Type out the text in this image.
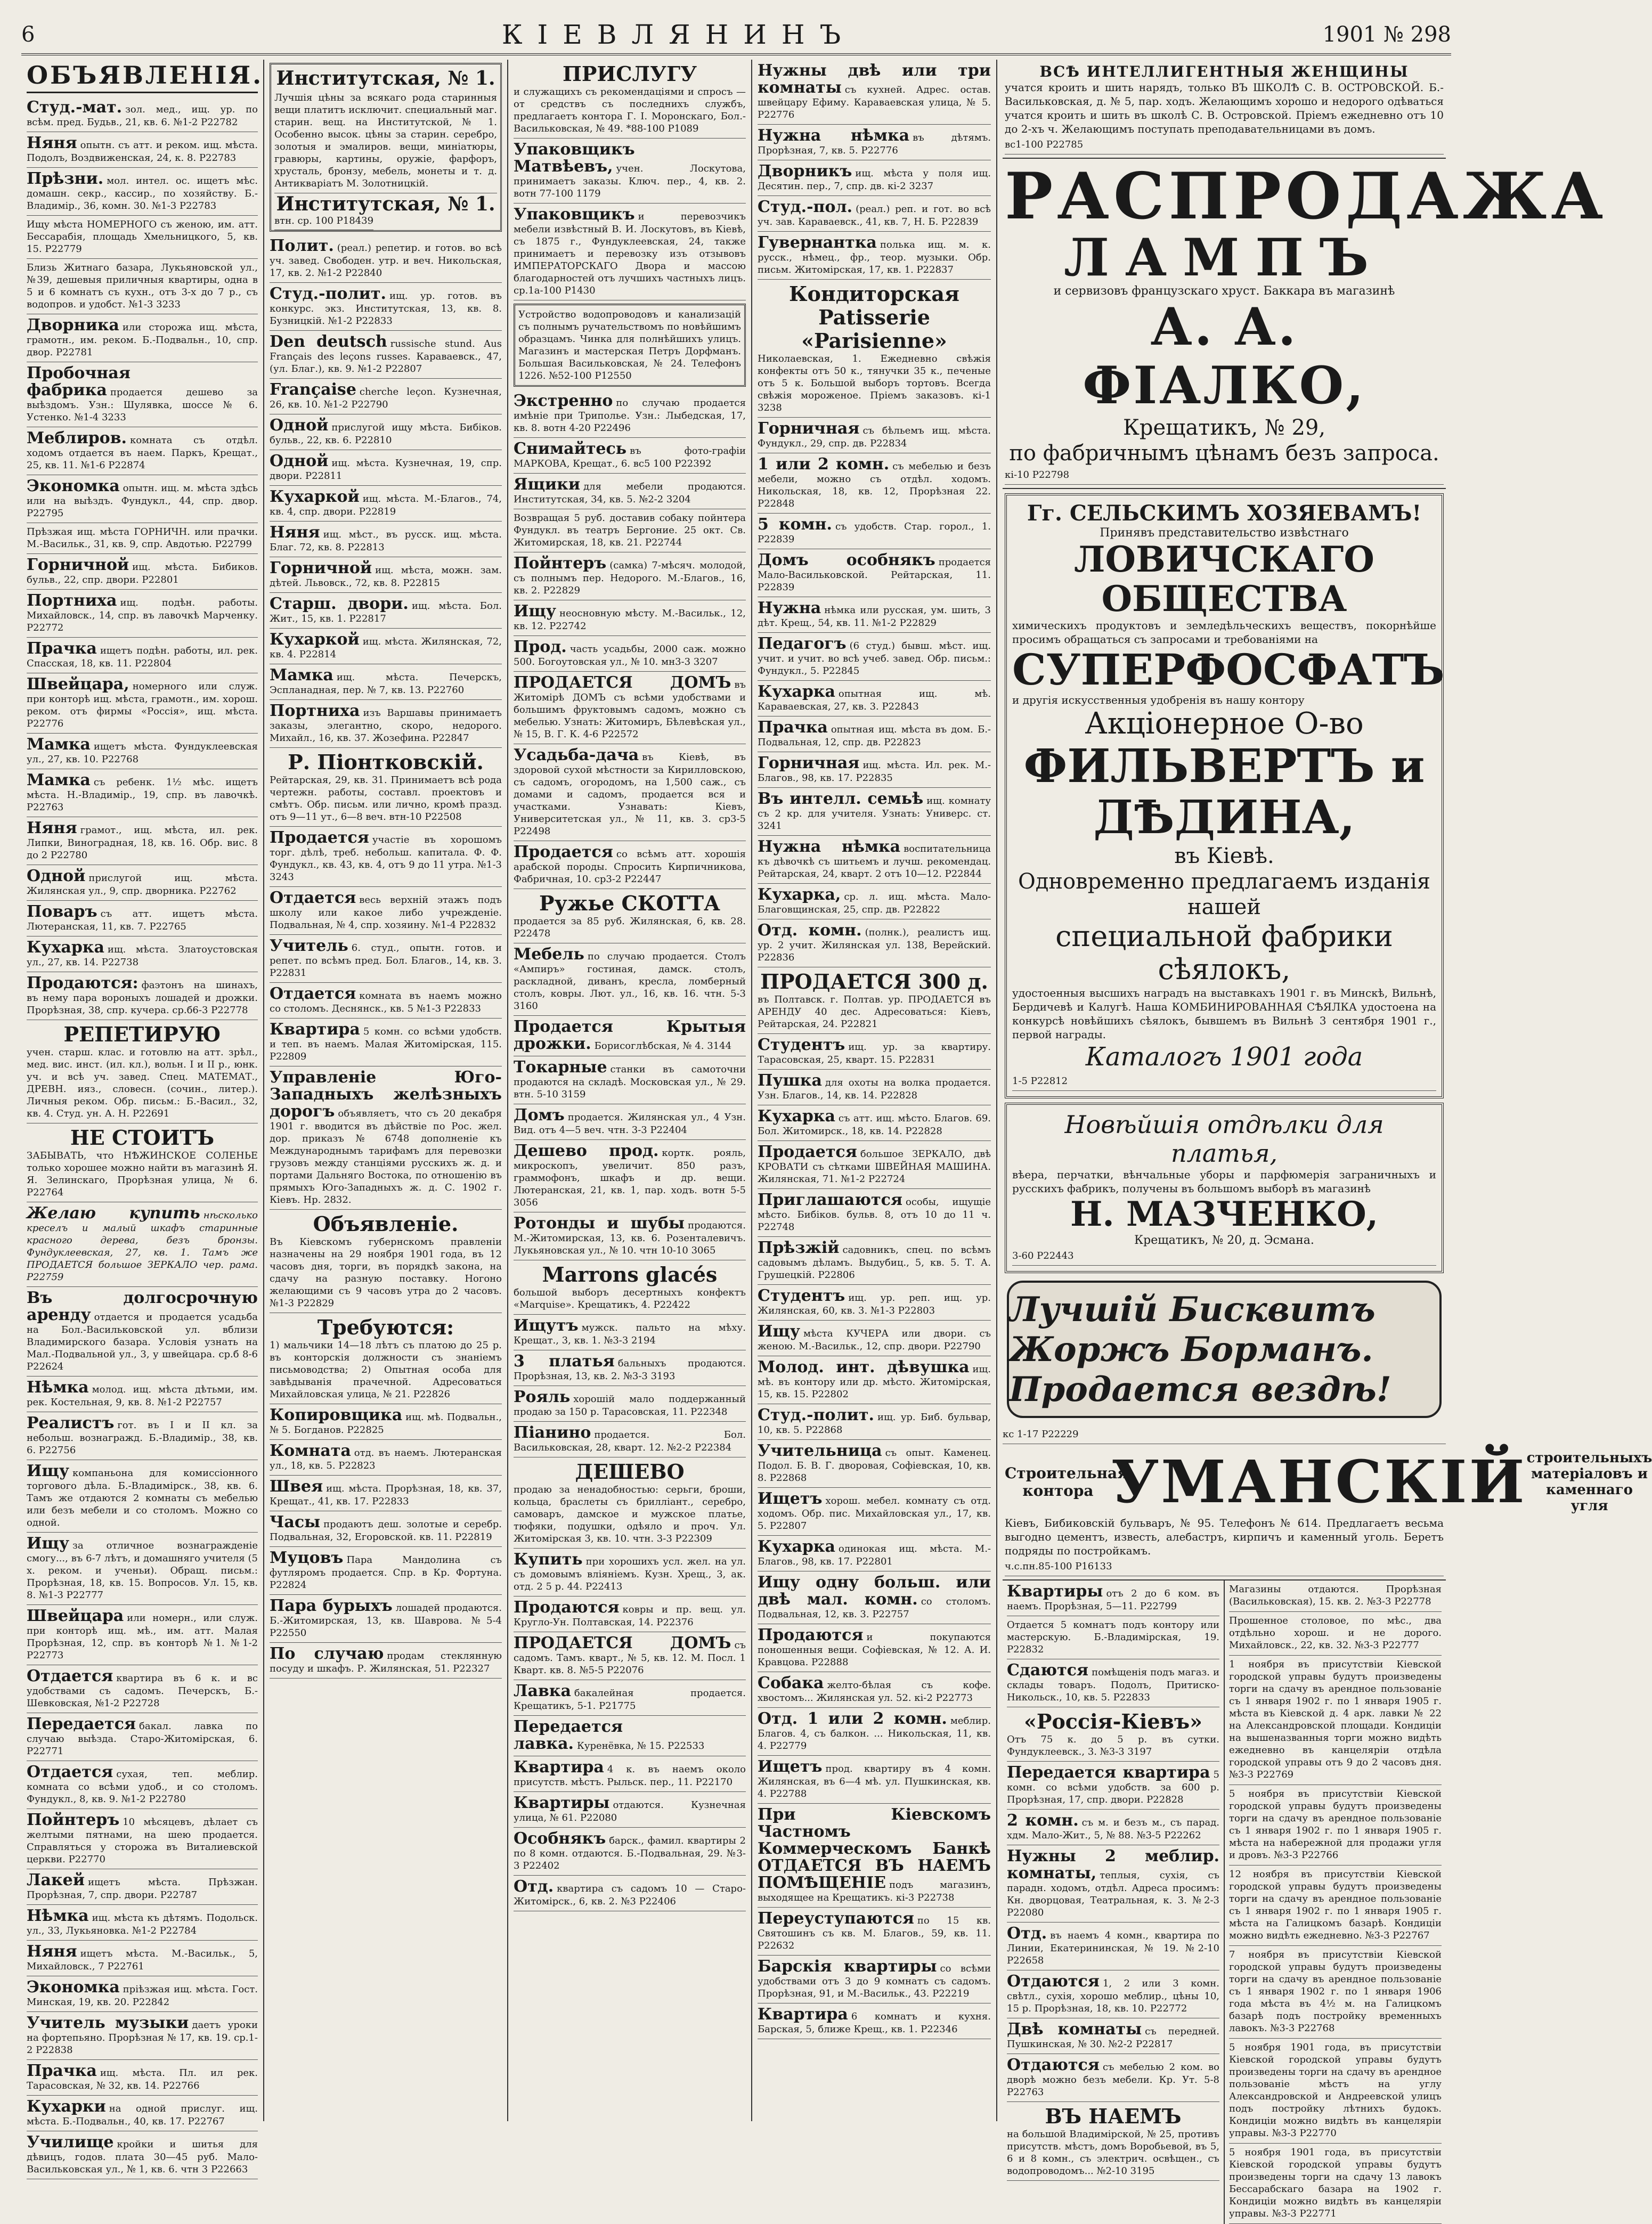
6	КІЕВЛЯНИНЪ	1901 № 298
ОБЪЯВЛЕНІЯ.
Студ.-мат. зол. мед., ищ. ур. по всѣм. пред. Будьв., 21, кв. 6. №1-2 Р22782
Няня опытн. съ атт. и реком. ищ. мѣста. Подолъ, Воздвиженская, 24, к. 8. Р22783
Прѣзни. мол. интел. ос. ищетъ мѣс. домашн. секр., кассир., по хозяйству. Б.-Владимір., 36, комн. 30. №1-3 Р22783
Ищу мѣста НОМЕРНОГО съ женою, им. атт. Бессарабія, площадь Хмельницкого, 5, кв. 15. Р22779
Близь Житнаго базара, Лукьяновской ул., №39, дешевыя приличныя квартиры, одна в 5 и 6 комнатъ съ кухн., отъ 3-х до 7 р., съ водопров. и удобст. №1-3 3233
Дворника или сторожа ищ. мѣста, грамотн., им. реком. Б.-Подвальн., 10, спр. двор. Р22781
Пробочная фабрика продается дешево за выѣздомъ. Узн.: Шулявка, шоссе № 6. Устенко. №1-4 3233
Меблиров. комната съ отдѣл. ходомъ отдается въ наем. Паркъ, Крещат., 25, кв. 11. №1-6 Р22874
Экономка опытн. ищ. м. мѣста здѣсь или на выѣздъ. Фундукл., 44, спр. двор. Р22795
Прѣзжая ищ. мѣста ГОРНИЧН. или прачки. М.-Васильк., 31, кв. 9, спр. Авдотью. Р22799
Горничной ищ. мѣста. Бибиков. бульв., 22, спр. двори. Р22801
Портниха ищ. подѣн. работы. Михайловск., 14, спр. въ лавочкѣ Марченку. Р22772
Прачка ищетъ подѣн. работы, ил. рек. Спасская, 18, кв. 11. Р22804
Швейцара, номерного или служ. при конторѣ ищ. мѣста, грамотн., им. хорош. реком. отъ фирмы «Россія», ищ. мѣста. Р22776
Мамка ищетъ мѣста. Фундуклеевская ул., 27, кв. 10. Р22768
Мамка съ ребенк. 1½ мѣс. ищетъ мѣста. Н.-Владимір., 19, спр. въ лавочкѣ. Р22763
Няня грамот., ищ. мѣста, ил. рек. Липки, Виноградная, 18, кв. 16. Обр. вис. 8 до 2 Р22780
Одной прислугой ищ. мѣста. Жилянская ул., 9, спр. дворника. Р22762
Поваръ съ атт. ищетъ мѣста. Лютеранская, 11, кв. 7. Р22765
Кухарка ищ. мѣста. Златоустовская ул., 27, кв. 14. Р22738
Продаются: фаэтонъ на шинахъ, въ нему пара вороныхъ лошадей и дрожки. Прорѣзная, 38, спр. кучера. ср.б6-3 Р22778
РЕПЕТИРУЮ
учен. старш. клас. и готовлю на атт. зрѣл., мед. вис. инст. (ил. кл.), вольн. I и II р., юнк. уч. и всѣ уч. завед. Спец. МАТЕМАТ., ДРЕВН. ияз., словесн. (сочин., литер.). Личныя реком. Обр. письм.: Б.-Васил., 32, кв. 4. Студ. ун. А. Н. Р22691
НЕ СТОИТЪ
ЗАБЫВАТЬ, что НѢЖИНСКОЕ СОЛЕНЬЕ только хорошее можно найти въ магазинѣ Я. Я. Зелинскаго, Прорѣзная улица, № 6. Р22764
Желаю купить нѣсколько креселъ и малый шкафъ старинные красного дерева, безъ бронзы. Фундуклеевская, 27, кв. 1. Тамъ же ПРОДАЕТСЯ большое ЗЕРКАЛО чер. рама. Р22759
Въ долгосрочную аренду отдается и продается усадьба на Бол.-Васильковской ул. вблизи Владимирского базара. Условія узнать на Мал.-Подвальной ул., 3, у швейцара. ср.б 8-6 Р22624
Нѣмка молод. ищ. мѣста дѣтьми, им. рек. Костельная, 9, кв. 8. №1-2 Р22757
Реалистъ гот. въ I и II кл. за небольш. вознагражд. Б.-Владимір., 38, кв. 6. Р22756
Ищу компаньона для комиссіонного торгового дѣла. Б.-Владимірск., 38, кв. 6. Тамъ же отдаются 2 комнаты съ мебелью или безъ мебели и со столомъ. Можно со одной.
Ищу за отличное вознагражденіе смогу..., въ 6-7 лѣтъ, и домашняго учителя (5 х. реком. и ученьи). Обращ. письм.: Прорѣзная, 18, кв. 15. Вопросов. Ул. 15, кв. 8. №1-3 Р22777
Швейцара или номерн., или служ. при конторѣ ищ. мѣ., им. атт. Малая Прорѣзная, 12, спр. въ конторѣ №1. №1-2 Р22773
Отдается квартира въ 6 к. и вс удобствами съ садомъ. Печерскъ, Б.-Шевковская, №1-2 Р22728
Передается бакал. лавка по случаю выѣзда. Старо-Житомірская, 6. Р22771
Отдается сухая, теп. меблир. комната со всѣми удоб., и со столомъ. Фундукл., 8, кв. 9. №1-2 Р22780
Пойнтеръ 10 мѣсяцевъ, дѣлает съ желтыми пятнами, на шею продается. Справляться у сторожа въ Виталиевской церкви. Р22770
Лакей ищетъ мѣста. Прѣзжан. Прорѣзная, 7, спр. двори. Р22787
Нѣмка ищ. мѣста къ дѣтямъ. Подольск. ул., 33, Лукьяновка. №1-2 Р22784
Няня ищетъ мѣста. М.-Васильк., 5, Михайловск., 7 Р22761
Экономка пріѣзжая ищ. мѣста. Гост. Минская, 19, кв. 20. Р22842
Учитель музыки даетъ уроки на фортепьяно. Прорѣзная № 17, кв. 19. ср.1-2 Р22838
Прачка ищ. мѣста. Пл. ил рек. Тарасовская, № 32, кв. 14. Р22766
Кухарки на одной прислуг. ищ. мѣста. Б.-Подвальн., 40, кв. 17. Р22767
Училище кройки и шитья для дѣвицъ, годов. плата 30—45 руб. Мало-Васильковская ул., № 1, кв. 6. чтн 3 Р22663
Институтская, № 1.
Лучшія цѣны за всякаго рода старинныя вещи платитъ исключит. специальный маг. старин. вещ. на Институтской, № 1. Особенно высок. цѣны за старин. серебро, золотыя и эмалиров. вещи, миніатюры, гравюры, картины, оружіе, фарфоръ, хрусталь, бронзу, мебель, монеты и т. д. Антикваріатъ М. Золотницкій.
Институтская, № 1.
втн. ср. 100 Р18439
Полит. (реал.) репетир. и готов. во всѣ уч. завед. Свободен. утр. и веч. Никольская, 17, кв. 2. №1-2 Р22840
Студ.-полит. ищ. ур. готов. въ конкурс. экз. Институтская, 13, кв. 8. Бузницкій. №1-2 Р22833
Den deutsch russische stund. Aus Français des leçons russes. Караваевск., 47, (ул. Благ.), кв. 9. №1-2 Р22807
Française cherche leçon. Кузнечная, 26, кв. 10. №1-2 Р22790
Одной прислугой ищу мѣста. Бибіков. бульв., 22, кв. 6. Р22810
Одной ищ. мѣста. Кузнечная, 19, спр. двори. Р22811
Кухаркой ищ. мѣста. М.-Благов., 74, кв. 4, спр. двори. Р22819
Няня ищ. мѣст., въ русск. ищ. мѣста. Благ. 72, кв. 8. Р22813
Горничной ищ. мѣста, можн. зам. дѣтей. Львовск., 72, кв. 8. Р22815
Старш. двори. ищ. мѣста. Бол. Жит., 15, кв. 1. Р22817
Кухаркой ищ. мѣста. Жилянская, 72, кв. 4. Р22814
Мамка ищ. мѣста. Печерскъ, Эспланадная, пер. № 7, кв. 13. Р22760
Портниха изъ Варшавы принимаетъ заказы, элегантно, скоро, недорого. Михайл., 16, кв. 37. Жозефина. Р22847
Р. Піонтковскій.
Рейтарская, 29, кв. 31. Принимаетъ всѣ рода чертежн. работы, составл. проектовъ и смѣтъ. Обр. письм. или лично, кромѣ празд. отъ 9—11 ут., 6—8 веч. втн-10 Р22508
Продается участіе въ хорошомъ торг. дѣлѣ, треб. небольш. капитала. Ф. Ф. Фундукл., кв. 43, кв. 4, отъ 9 до 11 утра. №1-3 3243
Отдается весь верхній этажъ подъ школу или какое либо учрежденіе. Подвальная, № 4, спр. хозяину. №1-4 Р22832
Учитель 6. студ., опытн. готов. и репет. по всѣмъ пред. Бол. Благов., 14, кв. 3. Р22831
Отдается комната въ наемъ можно со столомъ. Деснянск., кв. 5 №1-3 Р22833
Квартира 5 комн. со всѣми удобств. и теп. въ наемъ. Малая Житомірская, 115. Р22809
Управленіе Юго-Западныхъ желѣзныхъ дорогъ объявляетъ, что съ 20 декабря 1901 г. вводится въ дѣйствіе по Рос. жел. дор. приказъ № 6748 дополненіе къ Международнымъ тарифамъ для перевозки грузовъ между станціями русскихъ ж. д. и портами Дальняго Востока, по отношенію въ прямыхъ Юго-Западныхъ ж. д. С. 1902 г. Кіевъ. Нр. 2832.
Объявленіе.
Въ Кіевскомъ губернскомъ правленіи назначены на 29 ноября 1901 года, въ 12 часовъ дня, торги, въ порядкѣ закона, на сдачу на разную поставку. Ногоно желающими съ 9 часовъ утра до 2 часовъ. №1-3 Р22829
Требуются:
1) мальчики 14—18 лѣтъ съ платою до 25 р. въ конторскія должности съ знаніемъ письмоводства; 2) Опытная особа для завѣдыванія прачечной. Адресоваться Михайловская улица, № 21. Р22826
Копировщика ищ. мѣ. Подвальн., № 5. Богданов. Р22825
Комната отд. въ наемъ. Лютеранская ул., 18, кв. 5. Р22823
Швея ищ. мѣста. Прорѣзная, 18, кв. 37, Крещат., 41, кв. 17. Р22833
Часы продаютъ деш. золотые и серебр. Подвальная, 32, Егоровской. кв. 11. Р22819
Муцовъ Пара Мандолина съ футляромъ продается. Спр. в Кр. Фортуна. Р22824
Пара бурыхъ лошадей продаются. Б.-Житомирская, 13, кв. Шаврова. №5-4 Р22550
По случаю продам стеклянную посуду и шкафъ. Р. Жилянская, 51. Р22327
ПРИСЛУГУ
и служащихъ съ рекомендаціями и спросъ — от средствъ съ последнихъ службъ, предлагаетъ контора Г. І. Моронскаго, Бол.-Васильковская, № 49. *88-100 Р1089
Упаковщикъ Матвѣевъ, учен. Лоскутова, принимаетъ заказы. Ключ. пер., 4, кв. 2. вотн 77-100 1179
Упаковщикъ и перевозчикъ мебели извѣстный В. И. Лоскутовъ, въ Кіевѣ, съ 1875 г., Фундуклеевская, 24, также принимаетъ и перевозку изъ отзывовъ ИМПЕРАТОРСКАГО Двора и массою благодарностей отъ лучшихъ частныхъ лицъ. ср.1а-100 Р1430
Устройство водопроводовъ и канализацій съ полнымъ ручательствомъ по новѣйшимъ образцамъ. Чинка для полнѣйшихъ улицъ. Магазинъ и мастерская Петръ Дорфманъ. Большая Васильковская, № 24. Телефонъ 1226. №52-100 Р12550
Экстренно по случаю продается имѣніе при Триполье. Узн.: Лыбедская, 17, кв. 8. вотн 4-20 Р22496
Снимайтесь въ фото-графіи МАРКОВА, Крещат., 6. вс5 100 Р22392
Ящики для мебели продаются. Институтская, 34, кв. 5. №2-2 3204
Возвращая 5 руб. доставив собаку пойнтера Фундукл. въ театръ Бергоние. 25 окт. Св. Житомирская, 18, кв. 21. Р22744
Пойнтеръ (самка) 7-мѣсяч. молодой, съ полнымъ пер. Недорого. М.-Благов., 16, кв. 2. Р22829
Ищу неосновную мѣсту. М.-Васильк., 12, кв. 12. Р22742
Прод. часть усадьбы, 2000 саж. можно 500. Богоутовская ул., № 10. мн3-3 3207
ПРОДАЕТСЯ ДОМЪ въ Житомірѣ ДОМЪ съ всѣми удобствами и большимъ фруктовымъ садомъ, можно съ мебелью. Узнать: Житомиръ, Бѣлевѣская ул., № 15, В. Г. К. 4-6 Р22572
Усадьба-дача въ Кіевѣ, въ здоровой сухой мѣстности за Кирилловскою, съ садомъ, огородомъ, на 1,500 саж., съ домами и садомъ, продается вся и участками. Узнавать: Кіевъ, Университетская ул., № 11, кв. 3. ср3-5 Р22498
Продается со всѣмъ атт. хорошія арабской породы. Спросить Кирпичникова, Фабричная, 10. ср3-2 Р22447
Ружье СКОТТА
продается за 85 руб. Жилянская, 6, кв. 28. Р22478
Мебель по случаю продается. Столъ «Ампиръ» гостиная, дамск. столъ, раскладной, диванъ, кресла, ломберный столъ, ковры. Лют. ул., 16, кв. 16. чтн. 5-3 3160
Продается Крытыя дрожки. Борисоглѣбская, № 4. 3144
Токарные станки въ самоточни продаются на складѣ. Московская ул., № 29. втн. 5-10 3159
Домъ продается. Жилянская ул., 4 Узн. Вид. отъ 4—5 веч. чтн. 3-3 Р22404
Дешево прод. кортк. рояль, микроскопъ, увеличит. 850 разъ, граммофонъ, шкафъ и др. вещи. Лютеранская, 21, кв. 1, пар. ходъ. вотн 5-5 3056
Ротонды и шубы продаются. М.-Житомирская, 13, кв. 6. Розенталевичъ. Лукьяновская ул., № 10. чтн 10-10 3065
Marrons glacés
большой выборъ десертныхъ конфектъ «Marquise». Крещатикъ, 4. Р22422
Ищутъ мужск. пальто на мѣху. Крещат., 3, кв. 1. №3-3 2194
3 платья бальныхъ продаются. Прорѣзная, 13, кв. 2. №3-3 3193
Рояль хорошій мало поддержанный продаю за 150 р. Тарасовская, 11. Р22348
Піанино продается. Бол. Васильковская, 28, кварт. 12. №2-2 Р22384
ДЕШЕВО
продаю за ненадобностью: серьги, броши, кольца, браслеты съ брилліант., серебро, самоваръ, дамское и мужское платье, тюфяки, подушки, одѣяло и проч. Ул. Житомірская 3, кв. 10. чтн. 3-3 Р22309
Купить при хорошихъ усл. жел. на ул. съ домовымъ вліяніемъ. Кузн. Хрещ., 3, ак. отд. 2 5 р. 44. Р22413
Продаются ковры и пр. вещ. ул. Кругло-Ун. Полтавская, 14. Р22376
ПРОДАЕТСЯ ДОМЪ съ садомъ. Тамъ. кварт., № 5, кв. 12. М. Посл. 1 Кварт. кв. 8. №5-5 Р22076
Лавка бакалейная продается. Крещатикъ, 5-1. Р21775
Передается лавка. Куренёвка, № 15. Р22533
Квартира 4 к. въ наемъ около присутств. мѣстъ. Рыльск. пер., 11. Р22170
Квартиры отдаются. Кузнечная улица, № 61. Р22080
Особнякъ барск., фамил. квартиры 2 по 8 комн. отдаются. Б.-Подвальная, 29. №3-3 Р22402
Отд. квартира съ садомъ 10 — Старо-Житомірск., 6, кв. 2. №3 Р22406
Нужны двѣ или три комнаты съ кухней. Адрес. остав. швейцару Ефиму. Караваевская улица, № 5. Р22776
Нужна нѣмка въ дѣтямъ. Прорѣзная, 7, кв. 5. Р22776
Дворникъ ищ. мѣста у поля ищ. Десятин. пер., 7, спр. дв. кі-2 3237
Студ.-пол. (реал.) реп. и гот. во всѣ уч. зав. Караваевск., 41, кв. 7, Н. Б. Р22839
Гувернантка полька ищ. м. к. русск., нѣмец., фр., теор. музыки. Обр. письм. Житомірская, 17, кв. 1. Р22837
Кондиторская Patisserie «Parisienne»
Николаевская, 1. Ежедневно свѣжія конфекты отъ 50 к., тянучки 35 к., печеные отъ 5 к. Большой выборъ тортовъ. Всегда свѣжія мороженое. Пріемъ заказовъ. кі-1 3238
Горничная съ бѣльемъ ищ. мѣста. Фундукл., 29, спр. дв. Р22834
1 или 2 комн. съ мебелью и безъ мебели, можно съ отдѣл. ходомъ. Никольская, 18, кв. 12, Прорѣзная 22. Р22848
5 комн. съ удобств. Стар. горол., 1. Р22839
Домъ особнякъ продается Мало-Васильковской. Рейтарская, 11. Р22839
Нужна нѣмка или русская, ум. шить, 3 дѣт. Крещ., 54, кв. 11. №1-2 Р22829
Педагогъ (6 студ.) бывш. мѣст. ищ. учит. и учит. во всѣ учеб. завед. Обр. письм.: Фундукл., 5. Р22845
Кухарка опытная ищ. мѣ. Караваевская, 27, кв. 3. Р22843
Прачка опытная ищ. мѣста въ дом. Б.-Подвальная, 12, спр. дв. Р22823
Горничная ищ. мѣста. Ил. рек. М.-Благов., 98, кв. 17. Р22835
Въ интелл. семьѣ ищ. комнату съ 2 кр. для учителя. Узнать: Универс. ст. 3241
Нужна нѣмка воспитательница къ дѣвочкѣ съ шитьемъ и лучш. рекомендац. Рейтарская, 24, кварт. 2 отъ 10—12. Р22844
Кухарка, ср. л. ищ. мѣста. Мало-Благовщинская, 25, спр. дв. Р22822
Отд. комн. (полнк.), реалистъ ищ. ур. 2 учит. Жилянская ул. 138, Верейский. Р22836
ПРОДАЕТСЯ 300 д.
въ Полтавск. г. Полтав. ур. ПРОДАЕТСЯ въ АРЕНДУ 40 дес. Адресоваться: Кіевъ, Рейтарская, 24. Р22821
Студентъ ищ. ур. за квартиру. Тарасовская, 25, кварт. 15. Р22831
Пушка для охоты на волка продается. Узн. Благов., 14, кв. 14. Р22828
Кухарка съ атт. ищ. мѣсто. Благов. 69. Бол. Житомирск., 18, кв. 14. Р22828
Продается большое ЗЕРКАЛО, двѣ КРОВАТИ съ сѣтками ШВЕЙНАЯ МАШИНА. Жилянская, 71. №1-2 Р22724
Приглашаются особы, ищущіе мѣсто. Бибіков. бульв. 8, отъ 10 до 11 ч. Р22748
Прѣзжій садовникъ, спец. по всѣмъ садовымъ дѣламъ. Выдубиц., 5, кв. 5. Т. А. Грушецкій. Р22806
Студентъ ищ. ур. реп. ищ. ур. Жилянская, 60, кв. 3. №1-3 Р22803
Ищу мѣста КУЧЕРА или двори. съ женою. М.-Васильк., 12, спр. двори. Р22790
Молод. инт. дѣвушка ищ. мѣ. въ контору или др. мѣсто. Житомірская, 15, кв. 15. Р22802
Студ.-полит. ищ. ур. Биб. бульвар, 10, кв. 5. Р22868
Учительница съ опыт. Каменец. Подол. Б. В. Г. дворовая, Софіевская, 10, кв. 8. Р22868
Ищетъ хорош. мебел. комнату съ отд. ходомъ. Обр. пис. Михайловская ул., 17, кв. 5. Р22807
Кухарка одинокая ищ. мѣста. М.-Благов., 98, кв. 17. Р22801
Ищу одну больш. или двѣ мал. комн. со столомъ. Подвальная, 12, кв. 3. Р22757
Продаются и покупаются поношенныя вещи. Софіевская, № 12. А. И. Кравцова. Р22888
Собака желто-бѣлая съ кофе. хвостомъ... Жилянская ул. 52. кі-2 Р22773
Отд. 1 или 2 комн. меблир. Благов. 4, съ балкон. ... Никольская, 11, кв. 4. Р22779
Ищетъ прод. квартиру въ 4 комн. Жилянская, въ 6—4 мѣ. ул. Пушкинская, кв. 4. Р22788
При Кіевскомъ Частномъ Коммерческомъ Банкѣ ОТДАЕТСЯ ВЪ НАЕМЪ ПОМѢЩЕНІЕ подъ магазинъ, выходящее на Крещатикъ. кі-3 Р22738
Переуступаются по 15 кв. Святошинъ съ кв. М. Благов., 59, кв. 11. Р22632
Барскія квартиры со всѣми удобствами отъ 3 до 9 комнатъ съ садомъ. Прорѣзная, 91, и М.-Васильк., 43. Р22219
Квартира 6 комнатъ и кухня. Барская, 5, ближе Крещ., кв. 1. Р22346
ВСѢ ИНТЕЛЛИГЕНТНЫЯ ЖЕНЩИНЫ
учатся кроить и шить нарядъ, только ВЪ ШКОЛѢ С. В. ОСТРОВСКОЙ. Б.-Васильковская, д. № 5, пар. ходъ. Желающимъ хорошо и недорого одѣваться учатся кроить и шить въ школѣ С. В. Островской. Пріемъ ежедневно отъ 10 до 2-хъ ч. Желающимъ поступать преподавательницами въ домъ.
вс1-100 Р22785
РАСПРОДАЖА
ЛАМПЪ
и сервизовъ французскаго хруст. Баккара въ магазинѣ
А. А. ФІАЛКО,
Крещатикъ, № 29,
по фабричнымъ цѣнамъ безъ запроса.
кі-10 Р22798
Гг. СЕЛЬСКИМЪ ХОЗЯЕВАМЪ!
Принявъ представительство извѣстнаго
ЛОВИЧСКАГО ОБЩЕСТВА
химическихъ продуктовъ и земледѣльческихъ веществъ, покорнѣйше просимъ обращаться съ запросами и требованіями на
СУПЕРФОСФАТЪ
и другія искусственныя удобренія въ нашу контору
Акціонерное О-во
ФИЛЬВЕРТЪ и ДѢДИНА,
въ Кіевѣ.
Одновременно предлагаемъ изданія нашей
специальной фабрики сѣялокъ,
удостоенныя высшихъ наградъ на выставкахъ 1901 г. въ Минскѣ, Вильнѣ, Бердичевѣ и Калугѣ. Наша КОМБИНИРОВАННАЯ СѢЯЛКА удостоена на конкурсѣ новѣйшихъ сѣялокъ, бывшемъ въ Вильнѣ 3 сентября 1901 г., первой награды.
Каталогъ 1901 года
1-5 Р22812
Новѣйшія отдѣлки для платья,
вѣера, перчатки, вѣнчальные уборы и парфюмерія заграничныхъ и русскихъ фабрикъ, получены въ большомъ выборѣ въ магазинѣ
Н. МАЗЧЕНКО,
Крещатикъ, № 20, д. Эсмана.
3-60 Р22443
Лучшій Бисквитъ Жоржъ Борманъ. Продается вездѣ!
кс 1-17 Р22229
Строительная контора УМАНСКІЙ строительныхъ матеріаловъ и каменнаго угля
Кіевъ, Бибиковскій бульваръ, № 95. Телефонъ № 614. Предлагаетъ весьма выгодно цементъ, известь, алебастръ, кирпичъ и каменный уголь. Беретъ подряды по постройкамъ.
ч.с.пн.85-100 Р16133
Квартиры отъ 2 до 6 ком. въ наемъ. Прорѣзная, 5—11. Р22799
Отдается 5 комнатъ подъ контору или мастерскую. Б.-Владимірская, 19. Р22832
Сдаются помѣщенія подъ магаз. и склады товаръ. Подолъ, Притиско-Никольск., 10, кв. 5. Р22833
«Россія-Кіевъ»
Отъ 75 к. до 5 р. въ сутки. Фундуклеевск., 3. №3-3 3197
Передается квартира 5 комн. со всѣми удобств. за 600 р. Прорѣзная, 17, спр. двори. Р22828
2 комн. съ м. и безъ м., съ парад. хдм. Мало-Жит., 5, № 88. №3-5 Р22262
Нужны 2 меблир. комнаты, теплыя, сухія, съ парадн. ходомъ, отдѣл. Адреса просимъ: Кн. дворцовая, Театральная, к. 3. №2-3 Р22080
Отд. въ наемъ 4 комн., квартира по Линии, Екатерининская, № 19. №2-10 Р22658
Отдаются 1, 2 или 3 комн. свѣтл., сухія, хорошо меблир., цѣны 10, 15 р. Прорѣзная, 18, кв. 10. Р22772
Двѣ комнаты съ передней. Пушкинская, № 30. №2-2 Р22817
Отдаются съ мебелью 2 ком. во дворѣ можно безъ мебели. Кр. Ут. 5-8 Р22763
ВЪ НАЕМЪ
на большой Владимірской, № 25, противъ присутств. мѣстъ, домъ Воробьевой, въ 5, 6 и 8 комн., съ электрич. освѣщен., съ водопроводомъ... №2-10 3195
Магазины отдаются. Прорѣзная (Васильковская), 15. кв. 2. №3-3 Р22778
Прошенное столовое, по мѣс., два отдѣльно хорош. и не дорого. Михайловск., 22, кв. 32. №3-3 Р22777
1 ноября въ присутствіи Кіевской городской управы будутъ произведены торги на сдачу въ арендное пользованіе съ 1 января 1902 г. по 1 января 1905 г. мѣста въ Кіевской д. 4 арк. лавки № 22 на Александровской площади. Кондиціи на вышеназванныя торги можно видѣть ежедневно въ канцеляріи отдѣла городской управы отъ 9 до 2 часовъ дня. №3-3 Р22769
5 ноября въ присутствіи Кіевской городской управы будутъ произведены торги на сдачу въ арендное пользованіе съ 1 января 1902 г. по 1 января 1905 г. мѣста на набережной для продажи угля и дровъ. №3-3 Р22766
12 ноября въ присутствіи Кіевской городской управы будутъ произведены торги на сдачу въ арендное пользованіе съ 1 января 1902 г. по 1 января 1905 г. мѣста на Галицкомъ базарѣ. Кондиціи можно видѣть ежедневно. №3-3 Р22767
7 ноября въ присутствіи Кіевской городской управы будутъ произведены торги на сдачу въ арендное пользованіе съ 1 января 1902 г. по 1 января 1906 года мѣста въ 4½ м. на Галицкомъ базарѣ подъ постройку временныхъ лавокъ. №3-3 Р22768
5 ноября 1901 года, въ присутствіи Кіевской городской управы будутъ произведены торги на сдачу въ арендное пользованіе мѣстъ на углу Александровской и Андреевской улицъ подъ постройку лѣтнихъ будокъ. Кондиціи можно видѣть въ канцеляріи управы. №3-3 Р22770
5 ноября 1901 года, въ присутствіи Кіевской городской управы будутъ произведены торги на сдачу 13 лавокъ Бессарабскаго базара на 1902 г. Кондиціи можно видѣть въ канцеляріи управы. №3-3 Р22771
